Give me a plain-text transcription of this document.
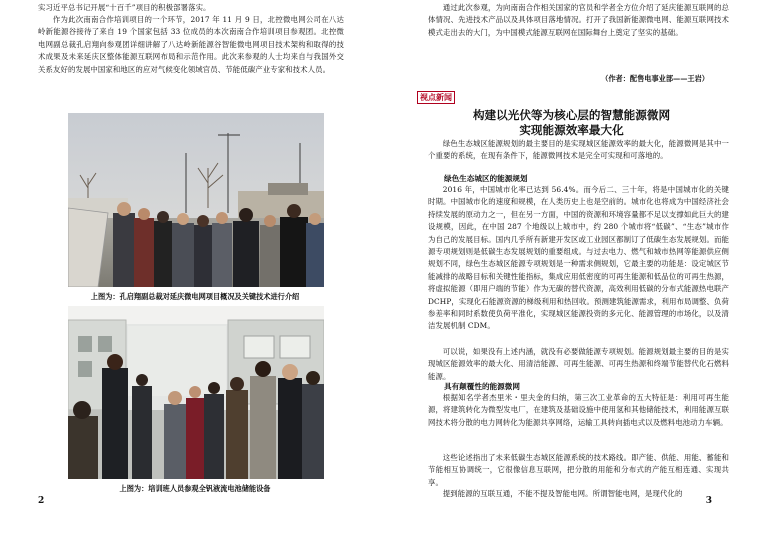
实习近平总书记开展“十百千”项目的积极部署落实。

作为此次南南合作培训项目的一个环节，2017 年 11 月 9 日，北控微电网公司在八达岭新能源谷接待了来自 19 个国家包括 33 位成员的本次南南合作培训项目参观团。北控微电网副总裁孔启翔向参观团详细讲解了八达岭新能源谷智能微电网项目技术架构和取得的技术成果及未来延庆区整体能源互联网布局和示范作用。此次来参观的人士均来自与我国外交关系友好的发展中国家和地区的应对气候变化领域官员、节能低碳产业专家和技术人员。

上图为：孔启翔副总裁对延庆微电网项目概况及关键技术进行介绍
上图为：培训班人员参观全钒液流电池储能设备
2

通过此次参观，为向南南合作相关国家的官员和学者全方位介绍了延庆能源互联网的总体情况、先进技术产品以及具体项目落地情况。打开了我国新能源微电网、能源互联网技术模式走出去的大门，为中国模式能源互联网在国际舞台上奠定了坚实的基础。

（作者：配售电事业部——王岩）
视点新闻
构建以光伏等为核心层的智慧能源微网
实现能源效率最大化

绿色生态城区能源规划的最主要目的是实现城区能源效率的最大化，能源微网是其中一个重要的系统，在现有条件下，能源微网技术是完全可实现和可落地的。

绿色生态城区的能源规划

2016 年，中国城市化率已达到 56.4%。而今后二、三十年，将是中国城市化的关键时期。中国城市化的速度和规模，在人类历史上也是空前的。城市化也将成为中国经济社会持续发展的原动力之一，但在另一方面，中国的资源和环境容量都不足以支撑如此巨大的建设规模，因此，在中国 287 个地级以上城市中，约 280 个城市将“低碳”、“生态”城市作为自己的发展目标。国内几乎所有新建开发区或工业园区都制订了低碳生态发展规划。而能源专项规划则是低碳生态发展规划的重要组成。与过去电力、燃气和城市热网等能源供应侧规划不同，绿色生态城区能源专项规划是一种需求侧规划，它最主要的功能是：设定城区节能减排的战略目标和关键性能指标，集成应用低密度的可再生能源和低品位的可再生热源，将虚拟能源（即用户端的节能）作为无碳的替代资源，高效利用低碳的分布式能源热电联产 DCHP，实现化石能源资源的梯级利用和热回收。预测建筑能源需求，利用布局调整、负荷参差率和同时系数使负荷平准化，实现城区能源投资的多元化、能源管理的市场化，以及清洁发展机制 CDM。

可以说，如果没有上述内涵，就没有必要做能源专项规划。能源规划最主要的目的是实现城区能源效率的最大化、用清洁能源、可再生能源、可再生热源和终端节能替代化石燃料能源。

具有颠覆性的能源微网

根据知名学者杰里米・里夫金的归纳，第三次工业革命的五大特征是：利用可再生能源，将建筑转化为微型发电厂，在建筑及基础设施中使用氢和其他储能技术，利用能源互联网技术将分散的电力网转化为能源共享网络，运输工具转向插电式以及燃料电池动力车辆。

这些论述指出了未来低碳生态城区能源系统的技术路线。即产能、供能、用能、蓄能和节能相互协调统一，它很像信息互联网，把分散的用能和分布式的产能互相连通、实现共享。

提到能源的互联互通，不能不提及智能电网。所谓智能电网，是现代化的

3
